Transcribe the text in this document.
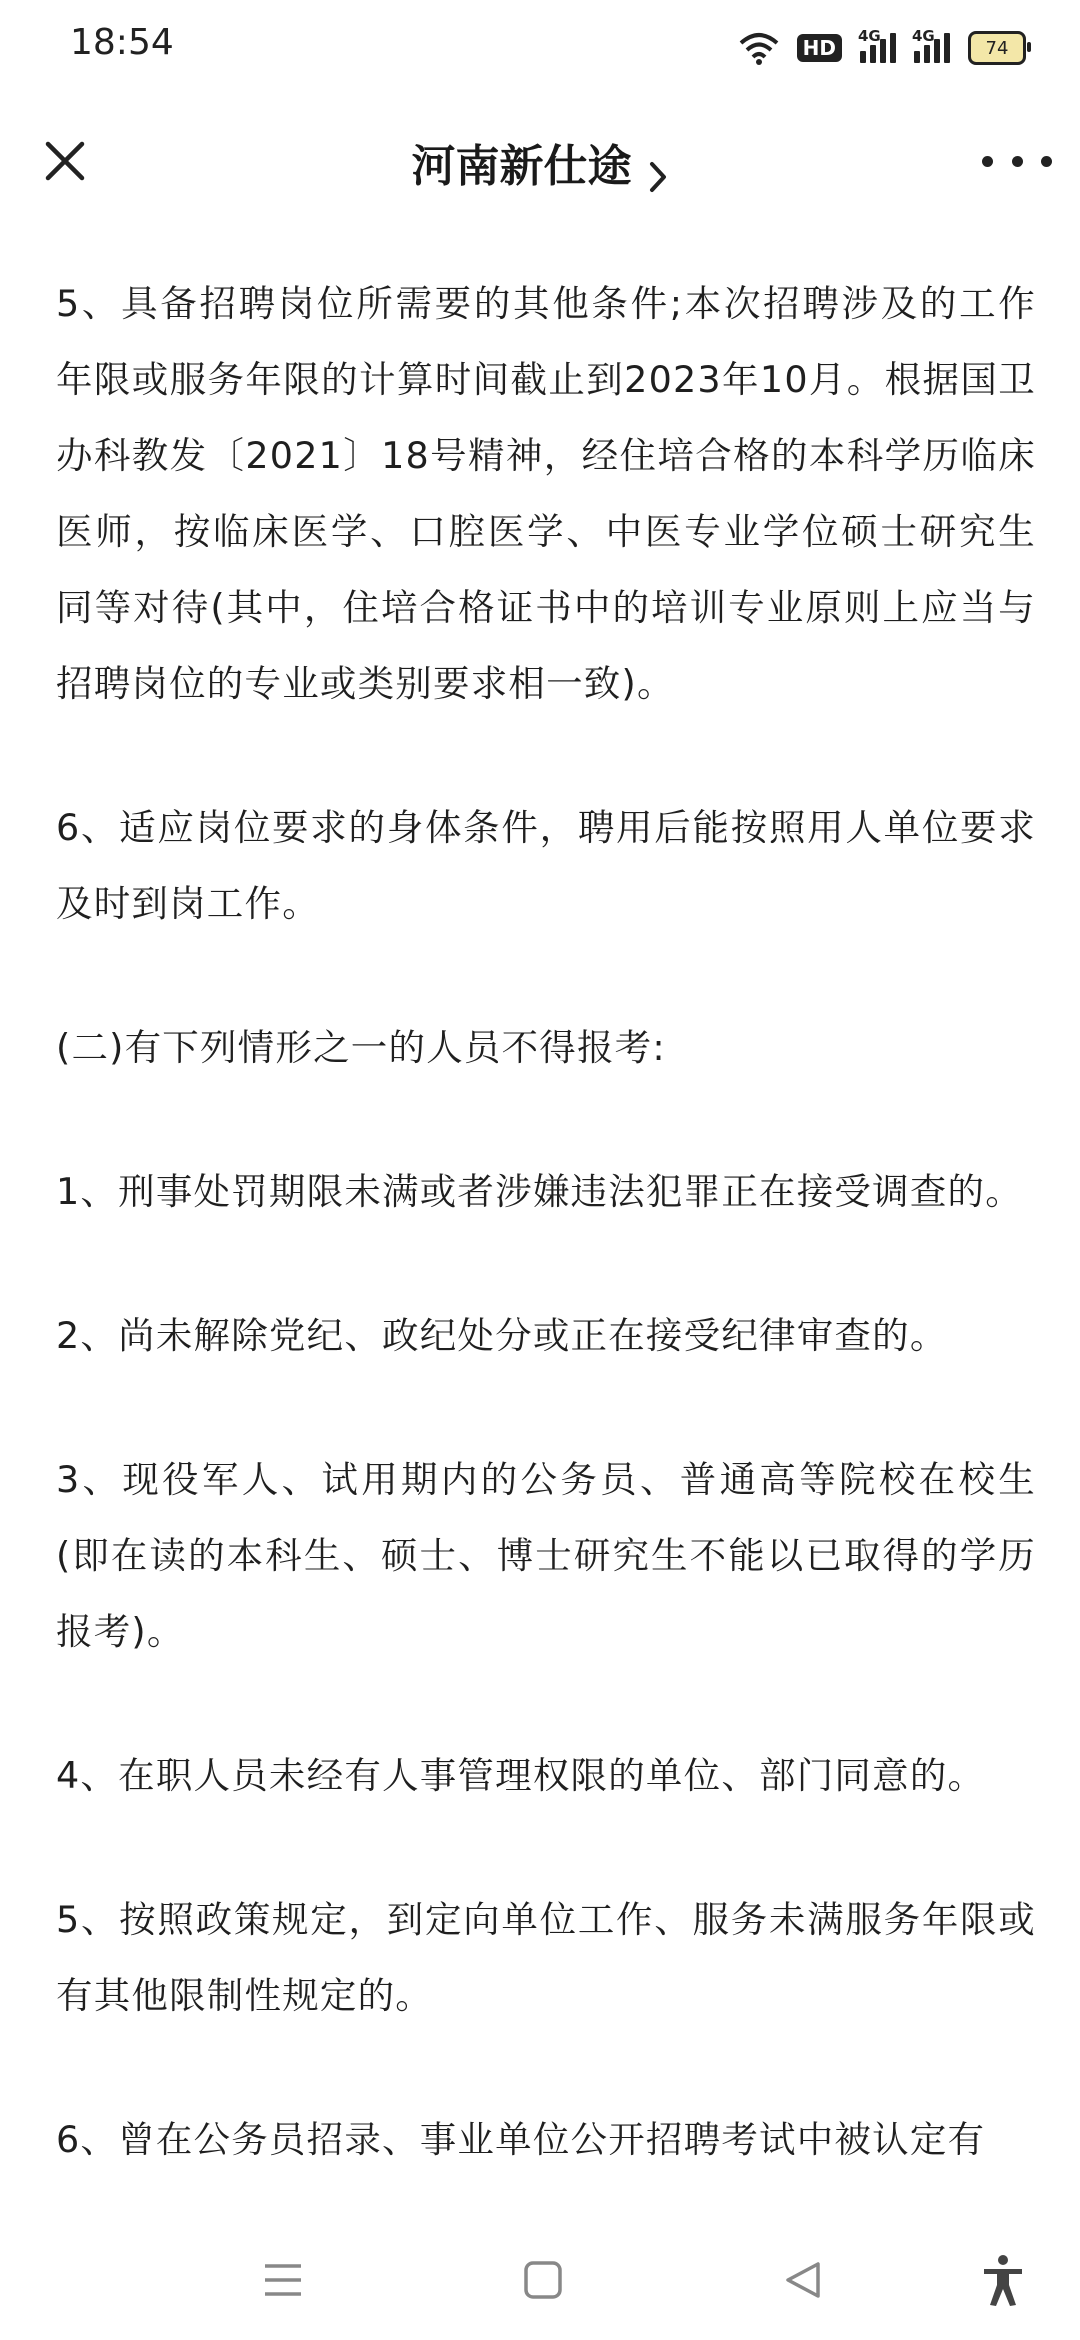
18:54	HD	4G 4G
74
河南新仕途

5、具备招聘岗位所需要的其他条件;本次招聘涉及的工作年限或服务年限的计算时间截止到2023年10月。根据国卫办科教发〔2021〕18号精神，经住培合格的本科学历临床医师，按临床医学、口腔医学、中医专业学位硕士研究生同等对待(其中，住培合格证书中的培训专业原则上应当与招聘岗位的专业或类别要求相一致)。

6、适应岗位要求的身体条件，聘用后能按照用人单位要求及时到岗工作。

(二)有下列情形之一的人员不得报考:

1、刑事处罚期限未满或者涉嫌违法犯罪正在接受调查的。

2、尚未解除党纪、政纪处分或正在接受纪律审查的。

3、现役军人、试用期内的公务员、普通高等院校在校生(即在读的本科生、硕士、博士研究生不能以已取得的学历报考)。

4、在职人员未经有人事管理权限的单位、部门同意的。

5、按照政策规定，到定向单位工作、服务未满服务年限或有其他限制性规定的。

6、曾在公务员招录、事业单位公开招聘考试中被认定有
